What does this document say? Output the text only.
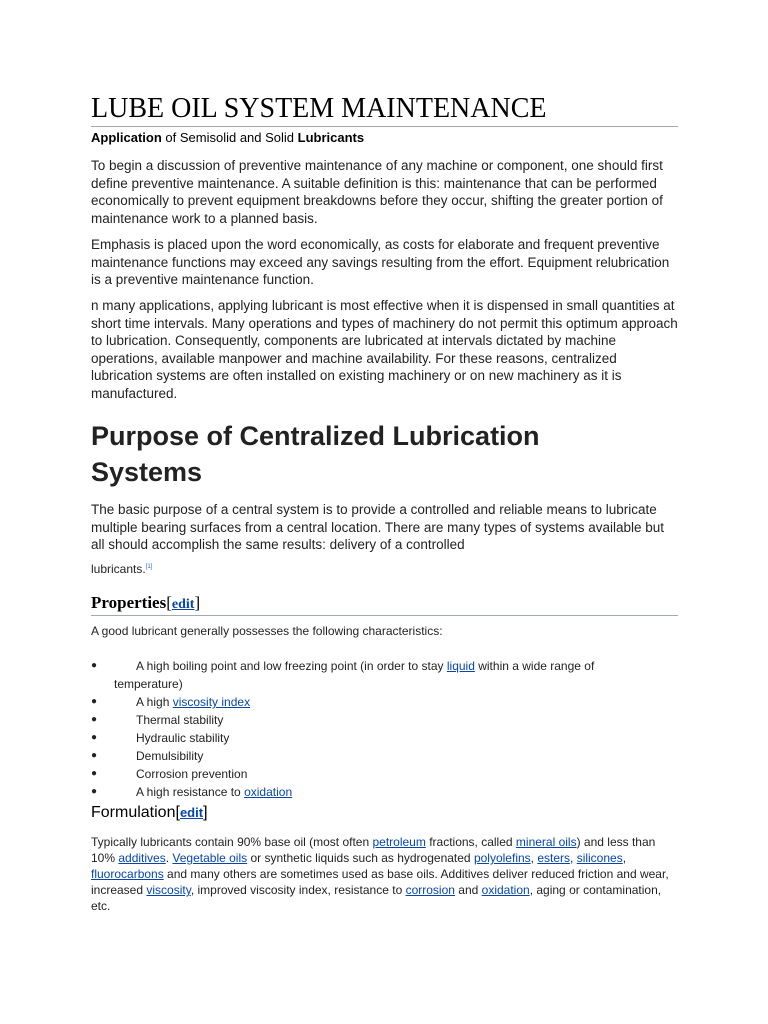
LUBE OIL SYSTEM MAINTENANCE
Application of Semisolid and Solid Lubricants

To begin a discussion of preventive maintenance of any machine or component, one should first define preventive maintenance. A suitable definition is this: maintenance that can be performed economically to prevent equipment breakdowns before they occur, shifting the greater portion of maintenance work to a planned basis.

Emphasis is placed upon the word economically, as costs for elaborate and frequent preventive maintenance functions may exceed any savings resulting from the effort. Equipment relubrication is a preventive maintenance function.

n many applications, applying lubricant is most effective when it is dispensed in small quantities at short time intervals. Many operations and types of machinery do not permit this optimum approach to lubrication. Consequently, components are lubricated at intervals dictated by machine operations, available manpower and machine availability. For these reasons, centralized lubrication systems are often installed on existing machinery or on new machinery as it is manufactured.

Purpose of Centralized Lubrication Systems

The basic purpose of a central system is to provide a controlled and reliable means to lubricate multiple bearing surfaces from a central location. There are many types of systems available but all should accomplish the same results: delivery of a controlled

lubricants.[1]
Properties[edit]
A good lubricant generally possesses the following characteristics:
●	A high boiling point and low freezing point (in order to stay liquid within a wide range of
temperature)
●	A high viscosity index
●	Thermal stability
●	Hydraulic stability
●	Demulsibility
●	Corrosion prevention
●	A high resistance to oxidation
Formulation[edit]

Typically lubricants contain 90% base oil (most often petroleum fractions, called mineral oils) and less than 10% additives. Vegetable oils or synthetic liquids such as hydrogenated polyolefins, esters, silicones, fluorocarbons and many others are sometimes used as base oils. Additives deliver reduced friction and wear, increased viscosity, improved viscosity index, resistance to corrosion and oxidation, aging or contamination, etc.
